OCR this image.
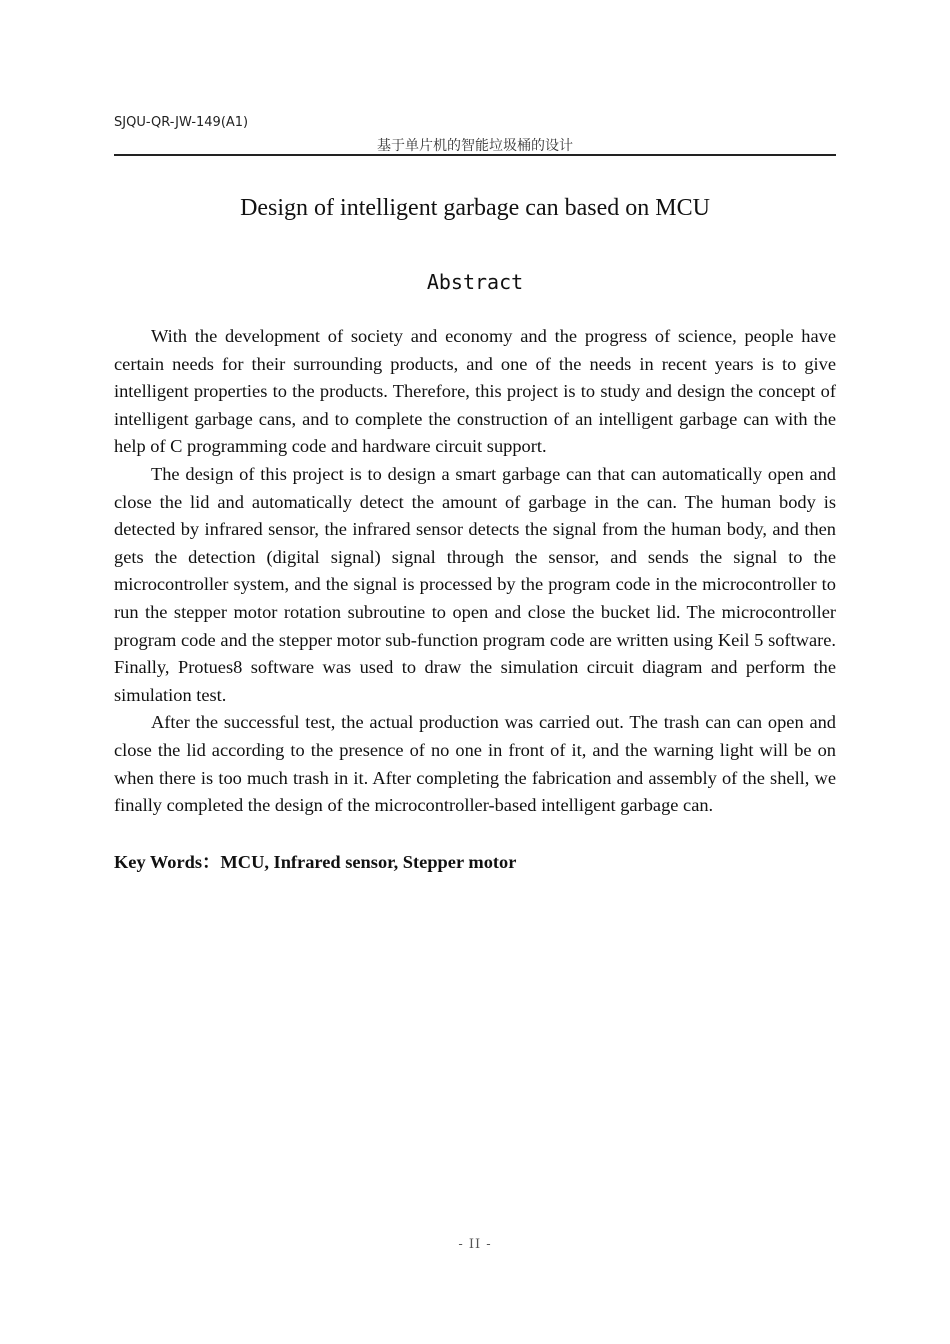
SJQU-QR-JW-149(A1)
基于单片机的智能垃圾桶的设计
Design of intelligent garbage can based on MCU
Abstract

With the development of society and economy and the progress of science, people have certain needs for their surrounding products, and one of the needs in recent years is to give intelligent properties to the products. Therefore, this project is to study and design the concept of intelligent garbage cans, and to complete the construction of an intelligent garbage can with the help of C programming code and hardware circuit support.

The design of this project is to design a smart garbage can that can automatically open and close the lid and automatically detect the amount of garbage in the can. The human body is detected by infrared sensor, the infrared sensor detects the signal from the human body, and then gets the detection (digital signal) signal through the sensor, and sends the signal to the microcontroller system, and the signal is processed by the program code in the microcontroller to run the stepper motor rotation subroutine to open and close the bucket lid. The microcontroller program code and the stepper motor sub-function program code are written using Keil 5 software. Finally, Protues8 software was used to draw the simulation circuit diagram and perform the simulation test.

After the successful test, the actual production was carried out. The trash can can open and close the lid according to the presence of no one in front of it, and the warning light will be on when there is too much trash in it. After completing the fabrication and assembly of the shell, we finally completed the design of the microcontroller-based intelligent garbage can.

Key Words：MCU, Infrared sensor, Stepper motor
- II -
